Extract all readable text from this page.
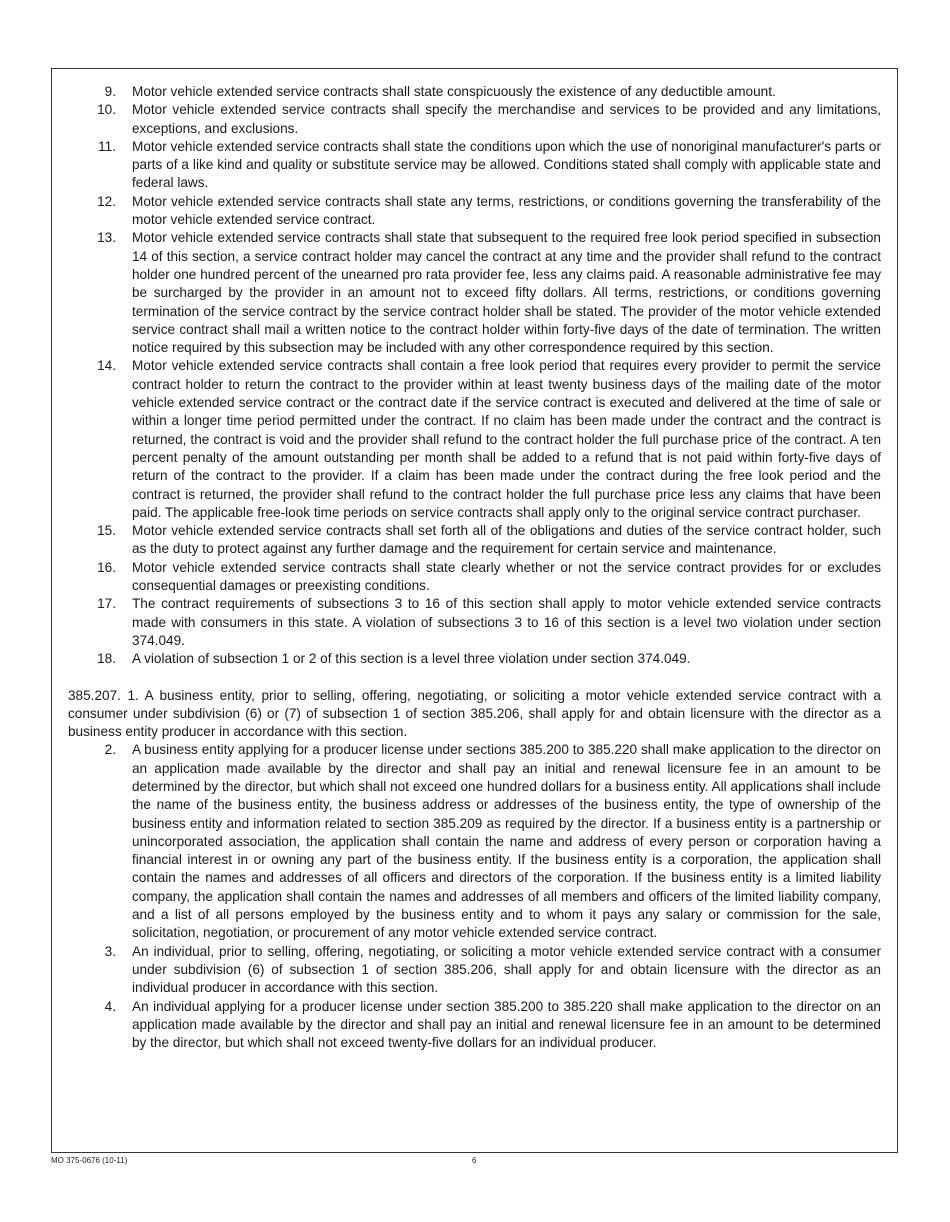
9.	Motor vehicle extended service contracts shall state conspicuously the existence of any deductible amount.
10.	Motor vehicle extended service contracts shall specify the merchandise and services to be provided and any limitations, exceptions, and exclusions.
11.	Motor vehicle extended service contracts shall state the conditions upon which the use of nonoriginal manufacturer's parts or parts of a like kind and quality or substitute service may be allowed. Conditions stated shall comply with applicable state and federal laws.
12.	Motor vehicle extended service contracts shall state any terms, restrictions, or conditions governing the transferability of the motor vehicle extended service contract.
13.	Motor vehicle extended service contracts shall state that subsequent to the required free look period specified in subsection 14 of this section, a service contract holder may cancel the contract at any time and the provider shall refund to the contract holder one hundred percent of the unearned pro rata provider fee, less any claims paid. A reasonable administrative fee may be surcharged by the provider in an amount not to exceed fifty dollars. All terms, restrictions, or conditions governing termination of the service contract by the service contract holder shall be stated. The provider of the motor vehicle extended service contract shall mail a written notice to the contract holder within forty-five days of the date of termination. The written notice required by this subsection may be included with any other correspondence required by this section.
14.	Motor vehicle extended service contracts shall contain a free look period that requires every provider to permit the service contract holder to return the contract to the provider within at least twenty business days of the mailing date of the motor vehicle extended service contract or the contract date if the service contract is executed and delivered at the time of sale or within a longer time period permitted under the contract. If no claim has been made under the contract and the contract is returned, the contract is void and the provider shall refund to the contract holder the full purchase price of the contract. A ten percent penalty of the amount outstanding per month shall be added to a refund that is not paid within forty-five days of return of the contract to the provider. If a claim has been made under the contract during the free look period and the contract is returned, the provider shall refund to the contract holder the full purchase price less any claims that have been paid. The applicable free-look time periods on service contracts shall apply only to the original service contract purchaser.
15.	Motor vehicle extended service contracts shall set forth all of the obligations and duties of the service contract holder, such as the duty to protect against any further damage and the requirement for certain service and maintenance.
16.	Motor vehicle extended service contracts shall state clearly whether or not the service contract provides for or excludes consequential damages or preexisting conditions.
17.	The contract requirements of subsections 3 to 16 of this section shall apply to motor vehicle extended service contracts made with consumers in this state. A violation of subsections 3 to 16 of this section is a level two violation under section 374.049.
18.	A violation of subsection 1 or 2 of this section is a level three violation under section 374.049.
385.207. 1. A business entity, prior to selling, offering, negotiating, or soliciting a motor vehicle extended service contract with a consumer under subdivision (6) or (7) of subsection 1 of section 385.206, shall apply for and obtain licensure with the director as a business entity producer in accordance with this section.
2.	A business entity applying for a producer license under sections 385.200 to 385.220 shall make application to the director on an application made available by the director and shall pay an initial and renewal licensure fee in an amount to be determined by the director, but which shall not exceed one hundred dollars for a business entity. All applications shall include the name of the business entity, the business address or addresses of the business entity, the type of ownership of the business entity and information related to section 385.209 as required by the director. If a business entity is a partnership or unincorporated association, the application shall contain the name and address of every person or corporation having a financial interest in or owning any part of the business entity. If the business entity is a corporation, the application shall contain the names and addresses of all officers and directors of the corporation. If the business entity is a limited liability company, the application shall contain the names and addresses of all members and officers of the limited liability company, and a list of all persons employed by the business entity and to whom it pays any salary or commission for the sale, solicitation, negotiation, or procurement of any motor vehicle extended service contract.
3.	An individual, prior to selling, offering, negotiating, or soliciting a motor vehicle extended service contract with a consumer under subdivision (6) of subsection 1 of section 385.206, shall apply for and obtain licensure with the director as an individual producer in accordance with this section.
4.	An individual applying for a producer license under section 385.200 to 385.220 shall make application to the director on an application made available by the director and shall pay an initial and renewal licensure fee in an amount to be determined by the director, but which shall not exceed twenty-five dollars for an individual producer.
MO 375-0676 (10-11)	6
